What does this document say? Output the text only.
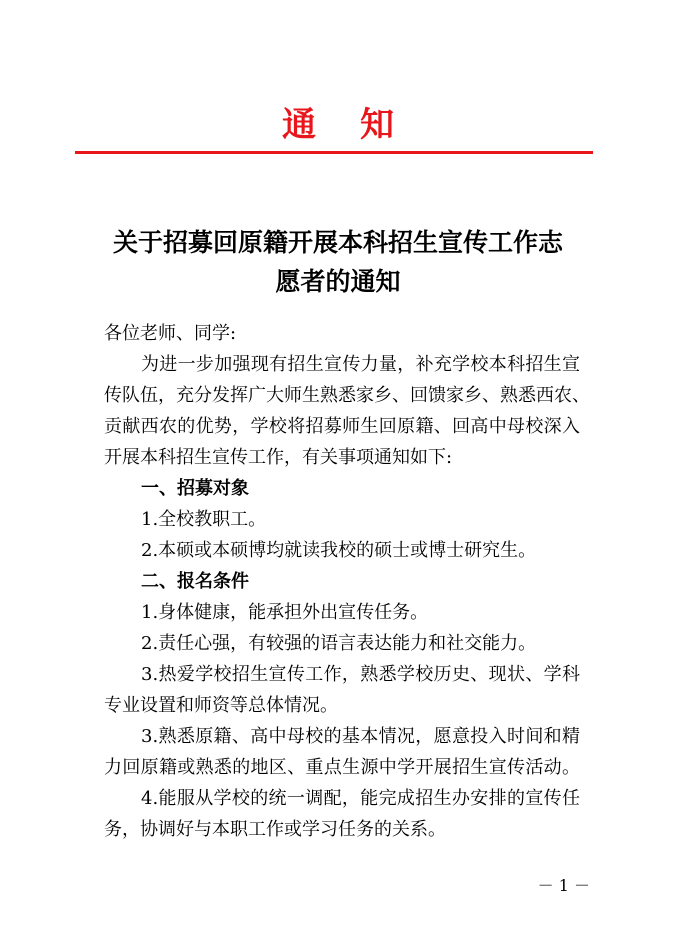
通知
关于招募回原籍开展本科招生宣传工作志
愿者的通知

各位老师、同学:

为进一步加强现有招生宣传力量，补充学校本科招生宣
传队伍，充分发挥广大师生熟悉家乡、回馈家乡、熟悉西农、
贡献西农的优势，学校将招募师生回原籍、回高中母校深入
开展本科招生宣传工作，有关事项通知如下:

一、招募对象

1.全校教职工。

2.本硕或本硕博均就读我校的硕士或博士研究生。

二、报名条件

1.身体健康，能承担外出宣传任务。

2.责任心强，有较强的语言表达能力和社交能力。

3.热爱学校招生宣传工作，熟悉学校历史、现状、学科
专业设置和师资等总体情况。

3.熟悉原籍、高中母校的基本情况，愿意投入时间和精
力回原籍或熟悉的地区、重点生源中学开展招生宣传活动。

4.能服从学校的统一调配，能完成招生办安排的宣传任
务，协调好与本职工作或学习任务的关系。

－ 1 －
